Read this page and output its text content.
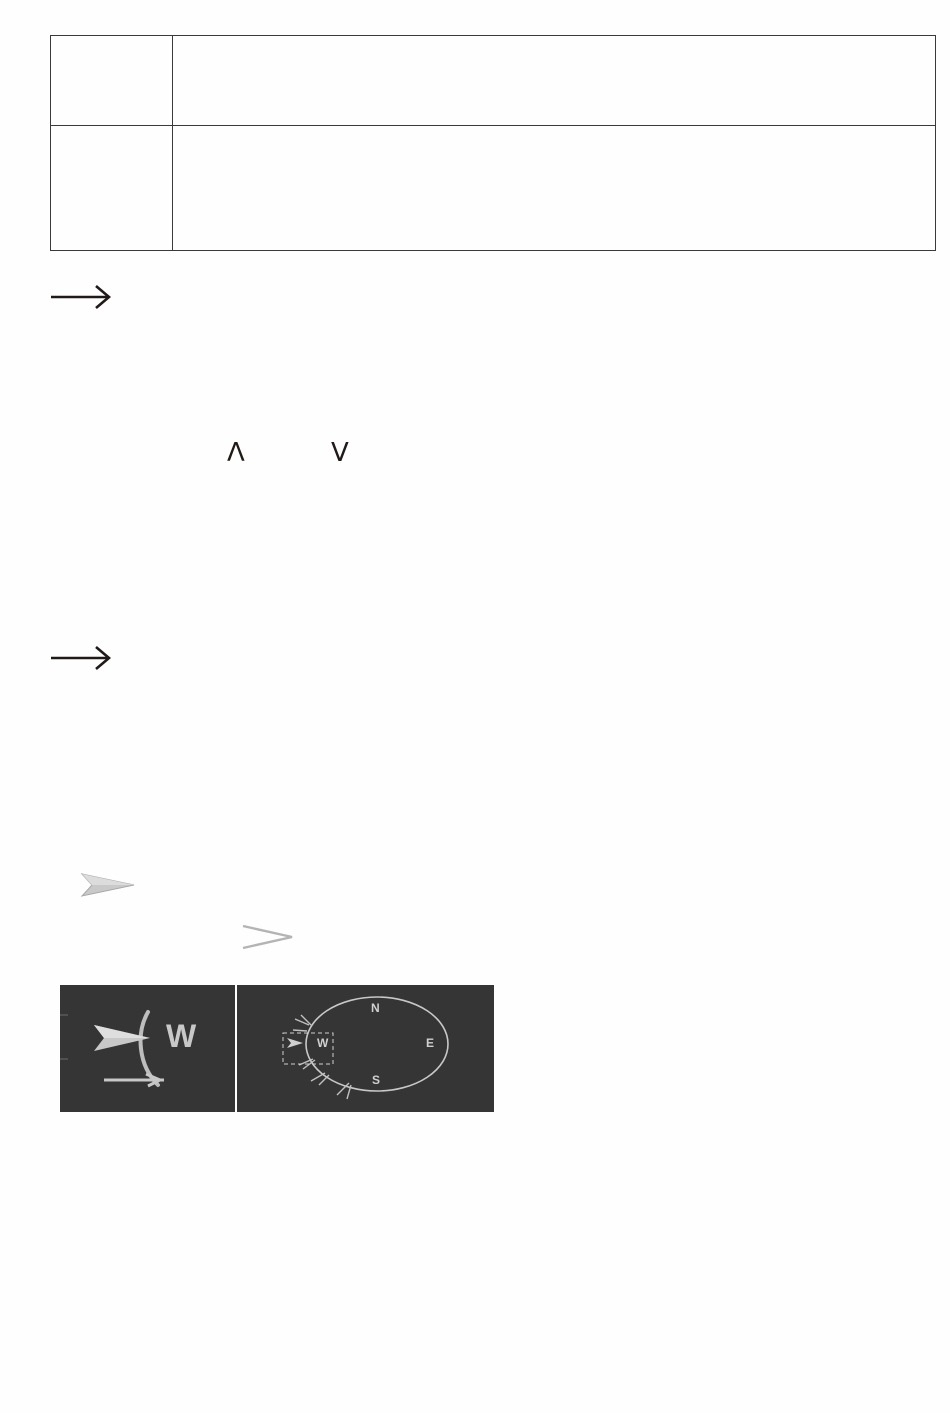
Λ	V
W
N
E
S
W
